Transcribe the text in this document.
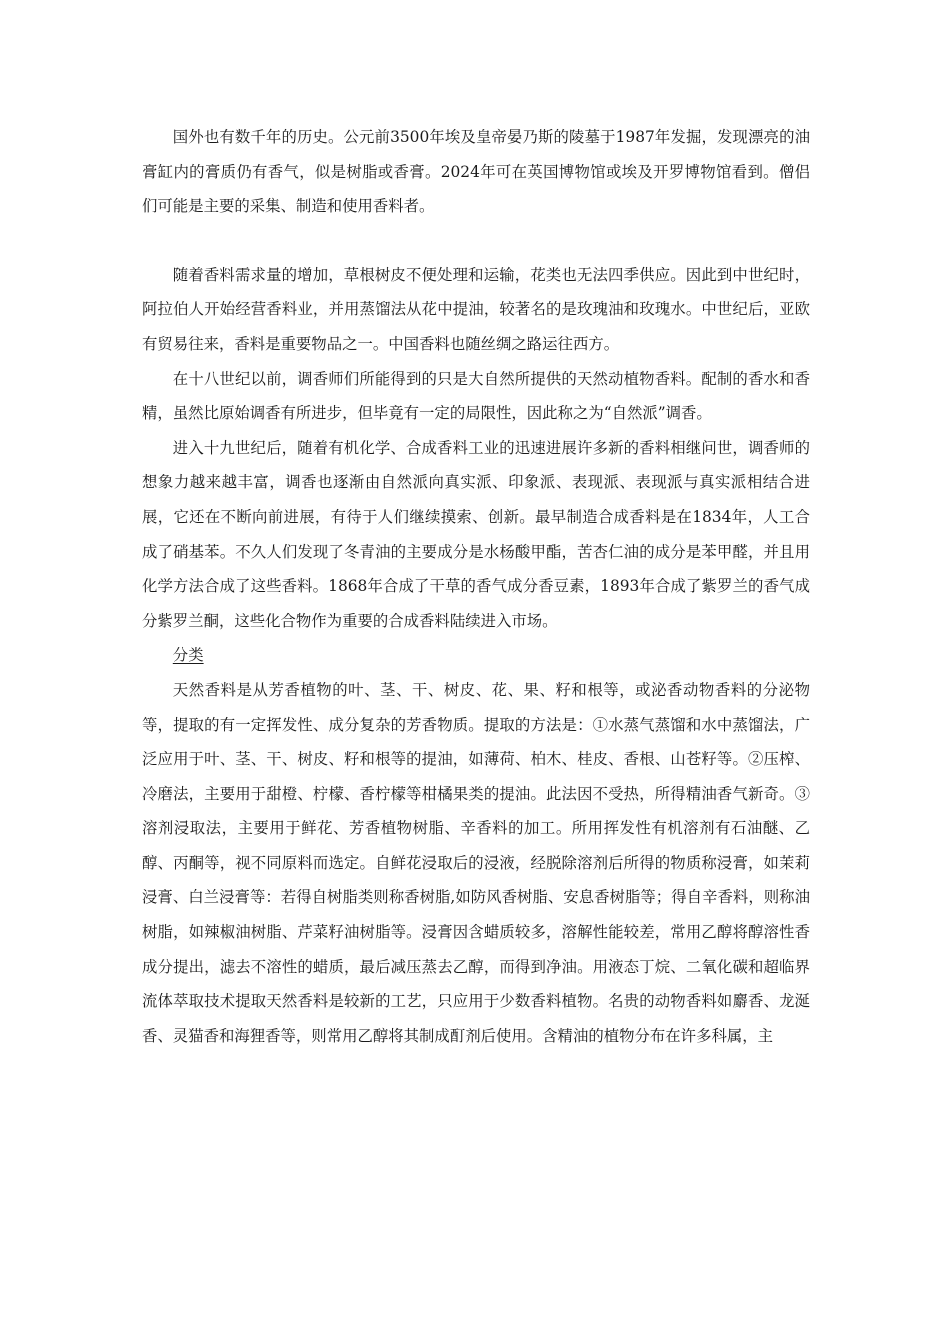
国外也有数千年的历史。公元前3500年埃及皇帝晏乃斯的陵墓于1987年发掘，发现漂亮的油膏缸内的膏质仍有香气，似是树脂或香膏。2024年可在英国博物馆或埃及开罗博物馆看到。僧侣们可能是主要的采集、制造和使用香料者。

随着香料需求量的增加，草根树皮不便处理和运输，花类也无法四季供应。因此到中世纪时，阿拉伯人开始经营香料业，并用蒸馏法从花中提油，较著名的是玫瑰油和玫瑰水。中世纪后，亚欧有贸易往来，香料是重要物品之一。中国香料也随丝绸之路运往西方。

在十八世纪以前，调香师们所能得到的只是大自然所提供的天然动植物香料。配制的香水和香精，虽然比原始调香有所进步，但毕竟有一定的局限性，因此称之为“自然派”调香。

进入十九世纪后，随着有机化学、合成香料工业的迅速进展许多新的香料相继问世，调香师的想象力越来越丰富，调香也逐渐由自然派向真实派、印象派、表现派、表现派与真实派相结合进展，它还在不断向前进展，有待于人们继续摸索、创新。最早制造合成香料是在1834年，人工合成了硝基苯。不久人们发现了冬青油的主要成分是水杨酸甲酯，苦杏仁油的成分是苯甲醛，并且用化学方法合成了这些香料。1868年合成了干草的香气成分香豆素，1893年合成了紫罗兰的香气成分紫罗兰酮，这些化合物作为重要的合成香料陆续进入市场。

分类

天然香料是从芳香植物的叶、茎、干、树皮、花、果、籽和根等，或泌香动物香料的分泌物等，提取的有一定挥发性、成分复杂的芳香物质。提取的方法是：①水蒸气蒸馏和水中蒸馏法，广泛应用于叶、茎、干、树皮、籽和根等的提油，如薄荷、柏木、桂皮、香根、山苍籽等。②压榨、冷磨法，主要用于甜橙、柠檬、香柠檬等柑橘果类的提油。此法因不受热，所得精油香气新奇。③溶剂浸取法，主要用于鲜花、芳香植物树脂、辛香料的加工。所用挥发性有机溶剂有石油醚、乙醇、丙酮等，视不同原料而选定。自鲜花浸取后的浸液，经脱除溶剂后所得的物质称浸膏，如茉莉浸膏、白兰浸膏等：若得自树脂类则称香树脂,如防风香树脂、安息香树脂等；得自辛香料，则称油树脂，如辣椒油树脂、芹菜籽油树脂等。浸膏因含蜡质较多，溶解性能较差，常用乙醇将醇溶性香成分提出，滤去不溶性的蜡质，最后减压蒸去乙醇，而得到净油。用液态丁烷、二氧化碳和超临界流体萃取技术提取天然香料是较新的工艺，只应用于少数香料植物。名贵的动物香料如麝香、龙涎香、灵猫香和海狸香等，则常用乙醇将其制成酊剂后使用。含精油的植物分布在许多科属，主
